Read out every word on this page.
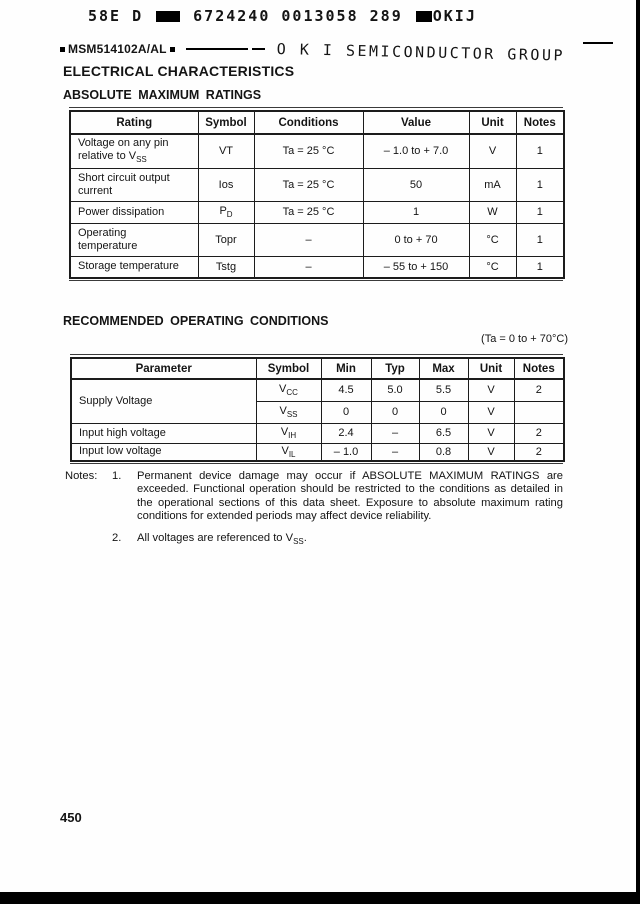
58E D	6724240 0013058 289 OKIJ
MSM514102A/AL	O K I SEMICONDUCTOR GROUP
ELECTRICAL CHARACTERISTICS
ABSOLUTE MAXIMUM RATINGS
Rating	Symbol	Conditions	Value	Unit	Notes
Voltage on any pin
relative to $V_{SS}$	VT	Ta = 25 °C	– 1.0 to + 7.0	V	1
Short circuit output
current	Ios	Ta = 25 °C	50	mA	1
Power dissipation	$P_D$	Ta = 25 °C	1	W	1
Operating
temperature	Topr	–	0 to + 70	°C	1
Storage temperature	Tstg	–	– 55 to + 150	°C	1
RECOMMENDED OPERATING CONDITIONS
(Ta = 0 to + 70°C)
Parameter	Symbol	Min	Typ	Max	Unit	Notes
Supply Voltage	$V_{CC}$	4.5	5.0	5.5	V	2
	$V_{SS}$	0	0	0	V	
Input high voltage	$V_{IH}$	2.4	–	6.5	V	2
Input low voltage	$V_{IL}$	– 1.0	–	0.8	V	2
Notes:	1.	Permanent device damage may occur if ABSOLUTE MAXIMUM RATINGS are exceeded. Functional operation should be restricted to the conditions as detailed in the operational sections of this data sheet. Exposure to absolute maximum rating conditions for extended periods may affect device reliability.
2.	All voltages are referenced to $V_{SS}$.
450
